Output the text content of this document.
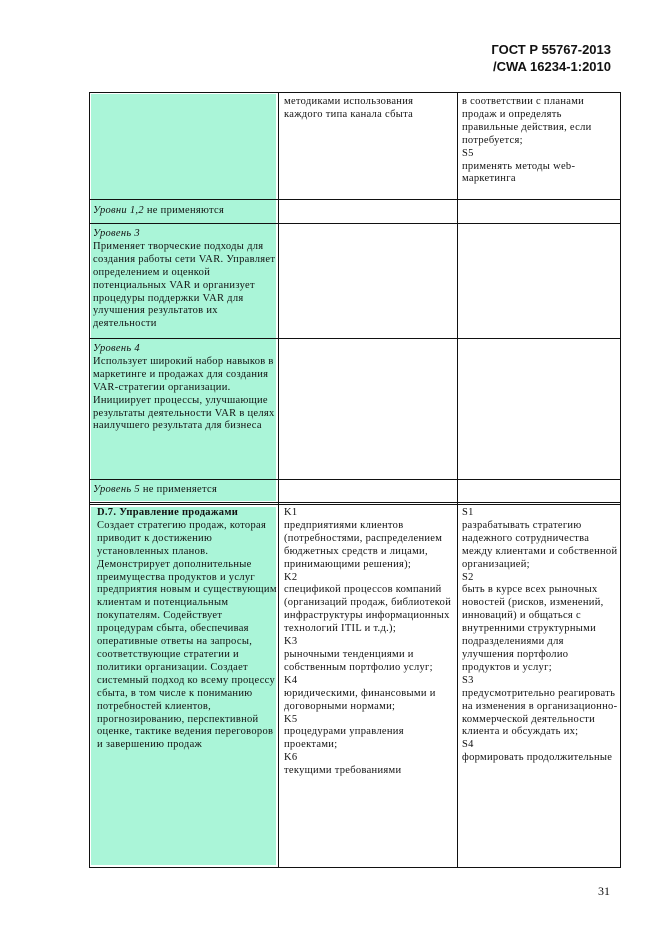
ГОСТ Р 55767-2013
/CWA 16234-1:2010
методиками использования каждого типа канала сбыта

в соответствии с планами продаж и определять правильные действия, если потребуется;

S5

применять методы web-маркетинга

Уровни 1,2 не применяются

Уровень 3

Применяет творческие подходы для создания работы сети VAR. Управляет определением и оценкой потенциальных VAR и организует процедуры поддержки VAR для улучшения результатов их деятельности

Уровень 4

Использует широкий набор навыков в маркетинге и продажах для создания VAR-стратегии организации. Инициирует процессы, улучшающие результаты деятельности VAR в целях наилучшего результата для бизнеса

Уровень 5 не применяется

D.7. Управление продажами

Создает стратегию продаж, которая приводит к достижению установленных планов. Демонстрирует дополнительные преимущества продуктов и услуг предприятия новым и существующим клиентам и потенциальным покупателям. Содействует процедурам сбыта, обеспечивая оперативные ответы на запросы, соответствующие стратегии и политики организации. Создает системный подход ко всему процессу сбыта, в том числе к пониманию потребностей клиентов, прогнозированию, перспективной оценке, тактике ведения переговоров и завершению продаж

K1

предприятиями клиентов (потребностями, распределением бюджетных средств и лицами, принимающими решения);

K2

спецификой процессов компаний (организаций продаж, библиотекой инфраструктуры информационных технологий ITIL и т.д.);

K3

рыночными тенденциями и собственным портфолио услуг;

K4

юридическими, финансовыми и договорными нормами;

K5

процедурами управления проектами;

K6

текущими требованиями

S1

разрабатывать стратегию надежного сотрудничества между клиентами и собственной организацией;

S2

быть в курсе всех рыночных новостей (рисков, изменений, инноваций) и общаться с внутренними структурными подразделениями для улучшения портфолио продуктов и услуг;

S3

предусмотрительно реагировать на изменения в организационно-коммерческой деятельности клиента и обсуждать их;

S4

формировать продолжительные

31
